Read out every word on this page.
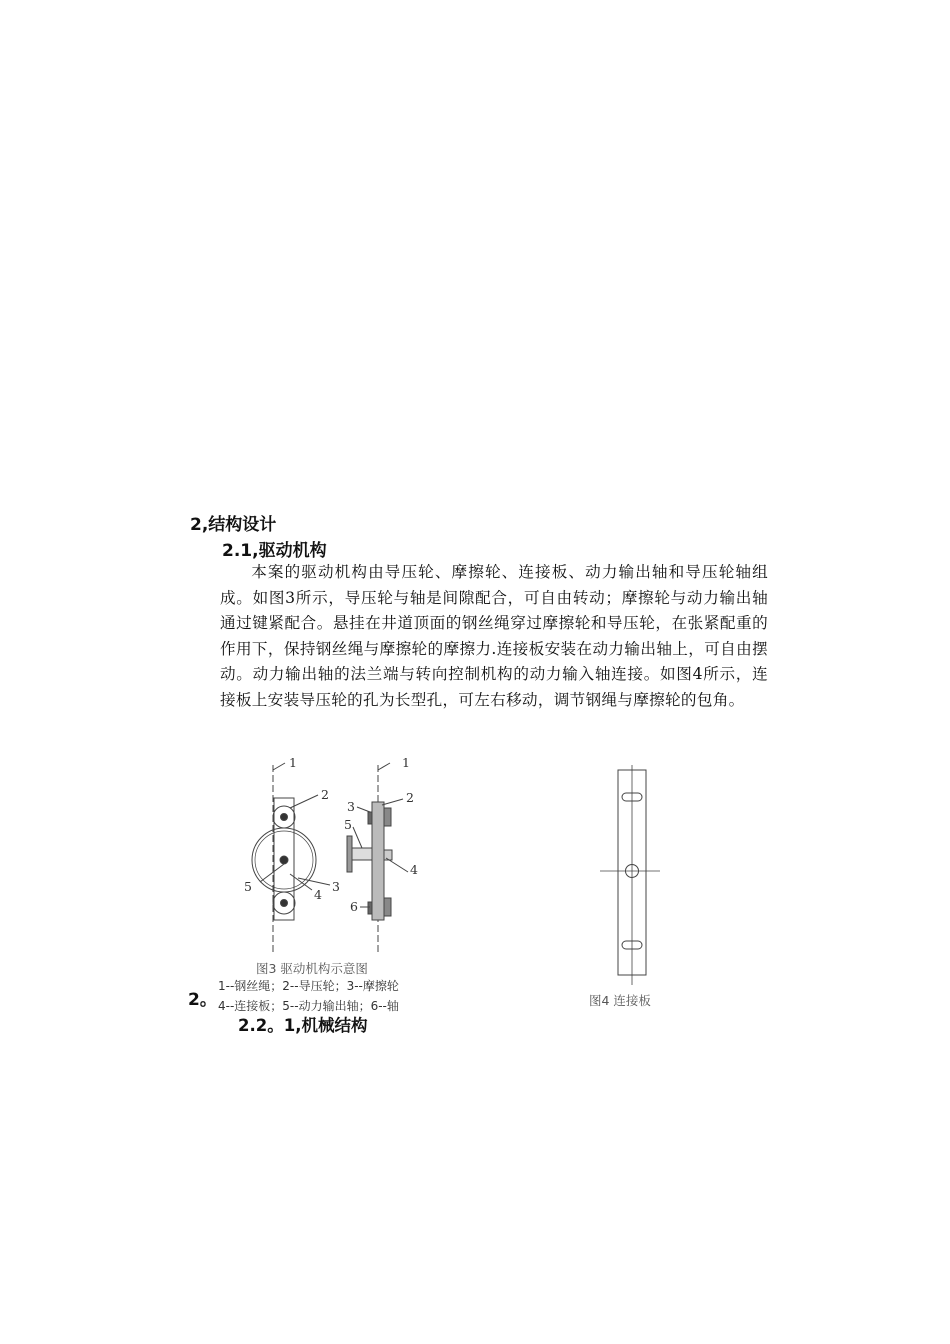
2,结构设计
2.1,驱动机构
本案的驱动机构由导压轮、摩擦轮、连接板、动力输出轴和导压轮轴组成。如图3所示，导压轮与轴是间隙配合，可自由转动；摩擦轮与动力输出轴通过键紧配合。悬挂在井道顶面的钢丝绳穿过摩擦轮和导压轮，在张紧配重的作用下，保持钢丝绳与摩擦轮的摩擦力.连接板安装在动力输出轴上，可自由摆动。动力输出轴的法兰端与转向控制机构的动力输入轴连接。如图4所示，连接板上安装导压轮的孔为长型孔，可左右移动，调节钢绳与摩擦轮的包角。
1
2
5
4
3
1
2
3
5
4
6
图3 驱动机构示意图
1--钢丝绳；2--导压轮；3--摩擦轮
4--连接板；5--动力输出轴；6--轴	图4 连接板
2。
2.2。1,机械结构
